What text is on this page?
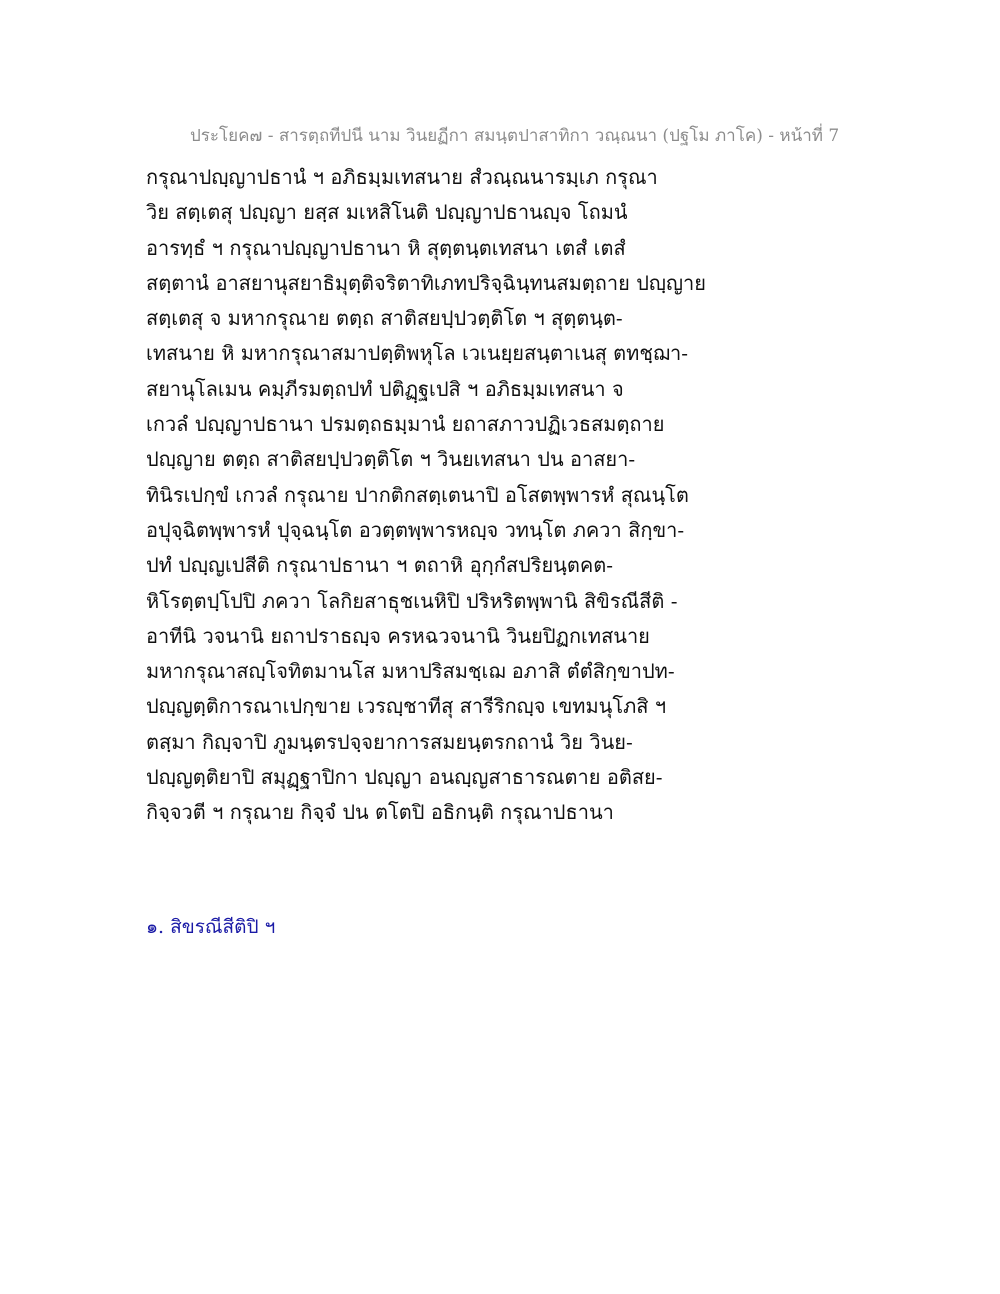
ประโยค๗ - สารตฺถทีปนี นาม วินยฏีกา สมนฺตปาสาทิกา วณฺณนา (ปฐโม ภาโค) - หน้าที่ 7
กรุณาปญฺญาปธานํ ฯ อภิธมฺมเทสนาย สํวณฺณนารมฺเภ กรุณา
วิย สตฺเตสุ ปญฺญา ยสฺส มเหสิโนติ ปญฺญาปธานญฺจ โถมนํ
อารทฺธํ ฯ กรุณาปญฺญาปธานา หิ สุตฺตนฺตเทสนา เตสํ เตสํ
สตฺตานํ อาสยานุสยาธิมุตฺติจริตาทิเภทปริจฺฉินฺทนสมตฺถาย ปญฺญาย
สตฺเตสุ จ มหากรุณาย ตตฺถ สาติสยปฺปวตฺติโต ฯ สุตฺตนฺต-
เทสนาย หิ มหากรุณาสมาปตฺติพหุโล เวเนยฺยสนฺตาเนสุ ตทชฺฌา-
สยานุโลเมน คมฺภีรมตฺถปทํ ปติฏฺฐเปสิ ฯ อภิธมฺมเทสนา จ
เกวลํ ปญฺญาปธานา ปรมตฺถธมฺมานํ ยถาสภาวปฏิเวธสมตฺถาย
ปญฺญาย ตตฺถ สาติสยปฺปวตฺติโต ฯ วินยเทสนา ปน อาสยา-
ทินิรเปกฺขํ เกวลํ กรุณาย ปากติกสตฺเตนาปิ อโสตพฺพารหํ สุณนฺโต
อปุจฺฉิตพฺพารหํ ปุจฺฉนฺโต อวตฺตพฺพารหญฺจ วทนฺโต ภควา สิกฺขา-
ปทํ ปญฺญเปสีติ กรุณาปธานา ฯ ตถาหิ อุกฺกํสปริยนฺตคต-
หิโรตฺตปฺโปปิ ภควา โลกิยสาธุชเนหิปิ ปริหริตพฺพานิ สิขิรณีสีติ -
อาทีนิ วจนานิ ยถาปราธญฺจ ครหฉวจนานิ วินยปิฏกเทสนาย
มหากรุณาสญฺโจทิตมานโส มหาปริสมชฺเฌ อภาสิ ตํตํสิกฺขาปท-
ปญฺญตฺติการณาเปกฺขาย เวรญฺชาทีสุ สารีริกญฺจ เขทมนุโภสิ ฯ
ตสฺมา กิญฺจาปิ ภูมนฺตรปจฺจยาการสมยนฺตรกถานํ วิย วินย-
ปญฺญตฺติยาปิ สมุฏฺฐาปิกา ปญฺญา อนญฺญสาธารณตาย อติสย-
กิจฺจวตี ฯ กรุณาย กิจฺจํ ปน ตโตปิ อธิกนฺติ กรุณาปธานา
๑. สิขรณีสีติปิ ฯ
